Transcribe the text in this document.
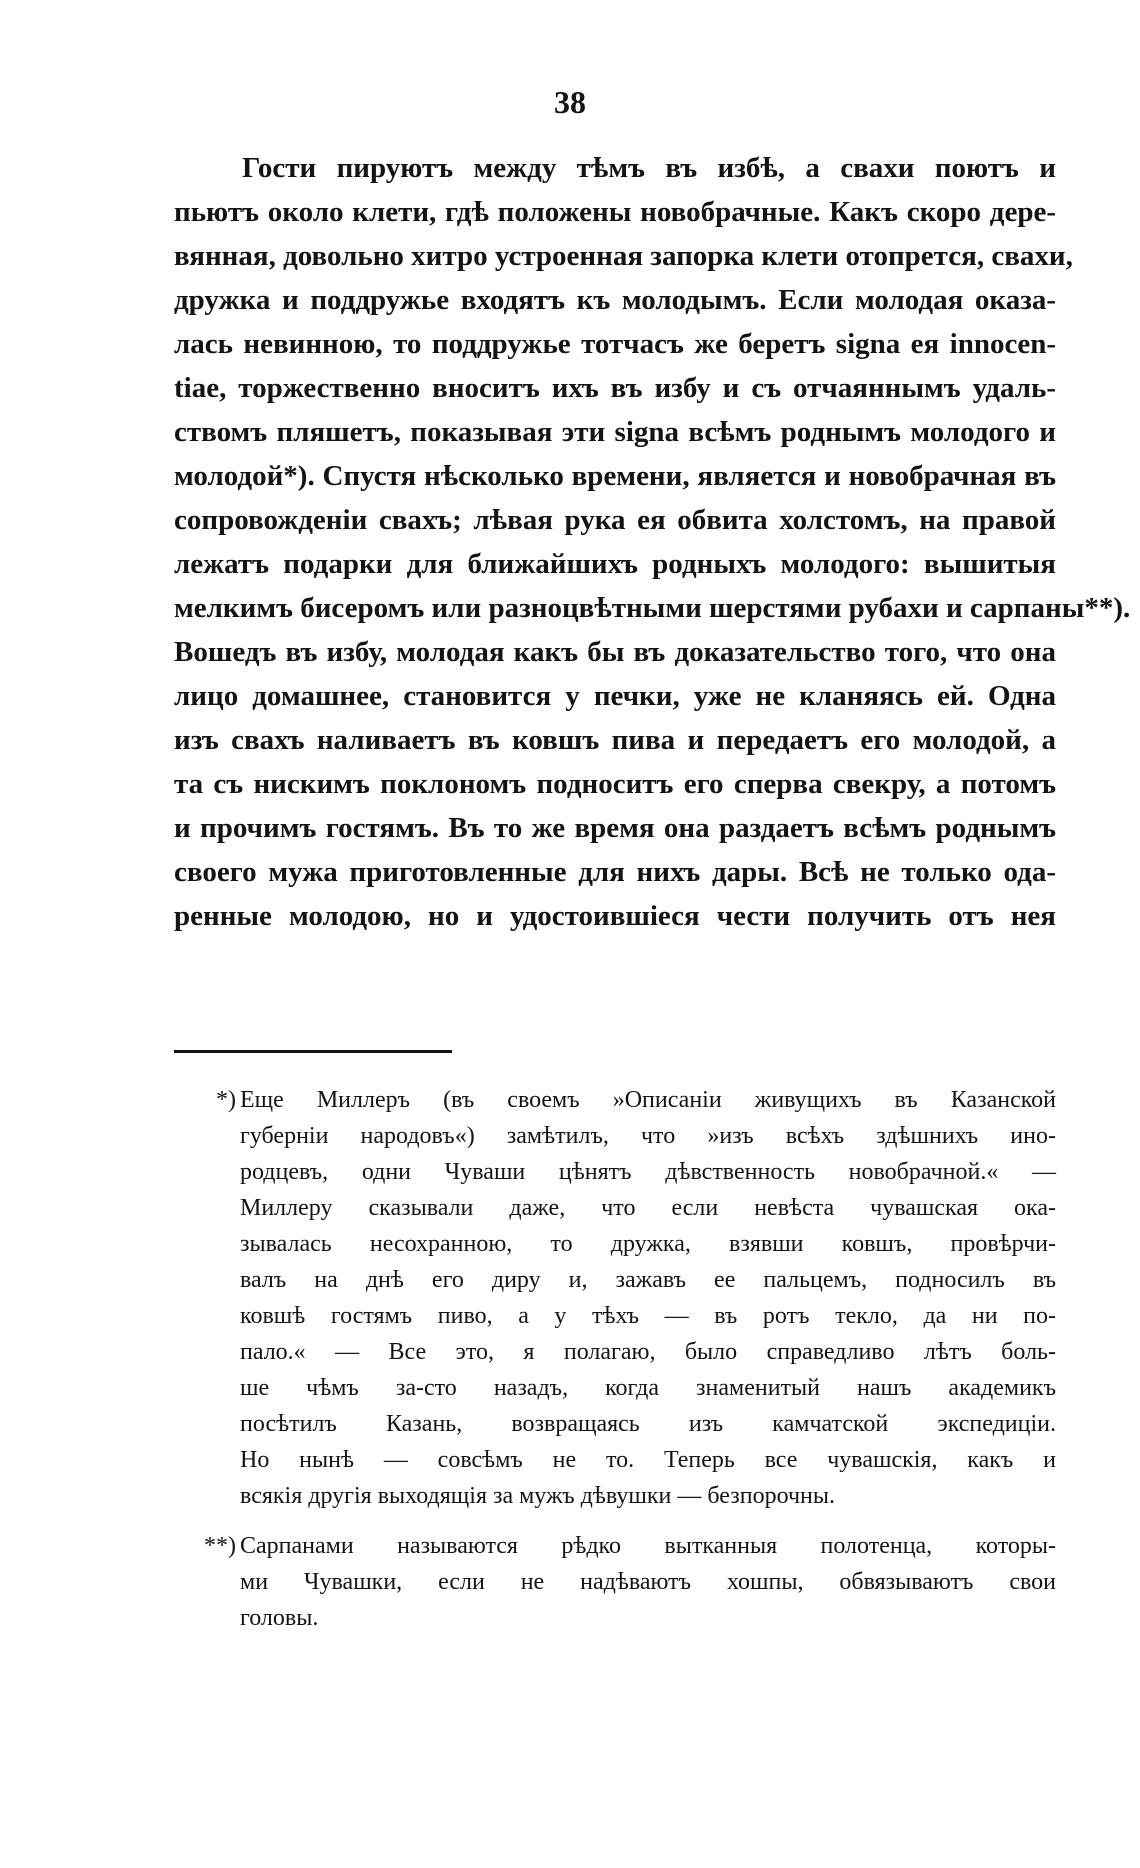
38
Гости пируютъ между тѣмъ въ избѣ, а свахи поютъ и
пьютъ около клети, гдѣ положены новобрачные. Какъ скоро дере-
вянная, довольно хитро устроенная запорка клети отопрется, свахи,
дружка и поддружье входятъ къ молодымъ. Если молодая оказа-
лась невинною, то поддружье тотчасъ же беретъ signa ея innocen-
tiae, торжественно вноситъ ихъ въ избу и съ отчаяннымъ удаль-
ствомъ пляшетъ, показывая эти signa всѣмъ роднымъ молодого и
молодой*). Спустя нѣсколько времени, является и новобрачная въ
сопровожденіи свахъ; лѣвая рука ея обвита холстомъ, на правой
лежатъ подарки для ближайшихъ родныхъ молодого: вышитыя
мелкимъ бисеромъ или разноцвѣтными шерстями рубахи и сарпаны**).
Вошедъ въ избу, молодая какъ бы въ доказательство того, что она
лицо домашнее, становится у печки, уже не кланяясь ей. Одна
изъ свахъ наливаетъ въ ковшъ пива и передаетъ его молодой, а
та съ нискимъ поклономъ подноситъ его сперва свекру, а потомъ
и прочимъ гостямъ. Въ то же время она раздаетъ всѣмъ роднымъ
своего мужа приготовленные для нихъ дары. Всѣ не только ода-
ренные молодою, но и удостоившіеся чести получить отъ нея
*) Еще Миллеръ (въ своемъ »Описаніи живущихъ въ Казанской
губерніи народовъ«) замѣтилъ, что »изъ всѣхъ здѣшнихъ ино-
родцевъ, одни Чуваши цѣнятъ дѣвственность новобрачной.« —
Миллеру сказывали даже, что если невѣста чувашская ока-
зывалась несохранною, то дружка, взявши ковшъ, провѣрчи-
валъ на днѣ его диру и, зажавъ ее пальцемъ, подносилъ въ
ковшѣ гостямъ пиво, а у тѣхъ — въ ротъ текло, да ни по-
пало.« — Все это, я полагаю, было справедливо лѣтъ боль-
ше чѣмъ за-сто назадъ, когда знаменитый нашъ академикъ
посѣтилъ Казань, возвращаясь изъ камчатской экспедиціи.
Но нынѣ — совсѣмъ не то. Теперь все чувашскія, какъ и
всякія другія выходящія за мужъ дѣвушки — безпорочны.
**) Сарпанами называются рѣдко вытканныя полотенца, которы-
ми Чувашки, если не надѣваютъ хошпы, обвязываютъ свои
головы.
